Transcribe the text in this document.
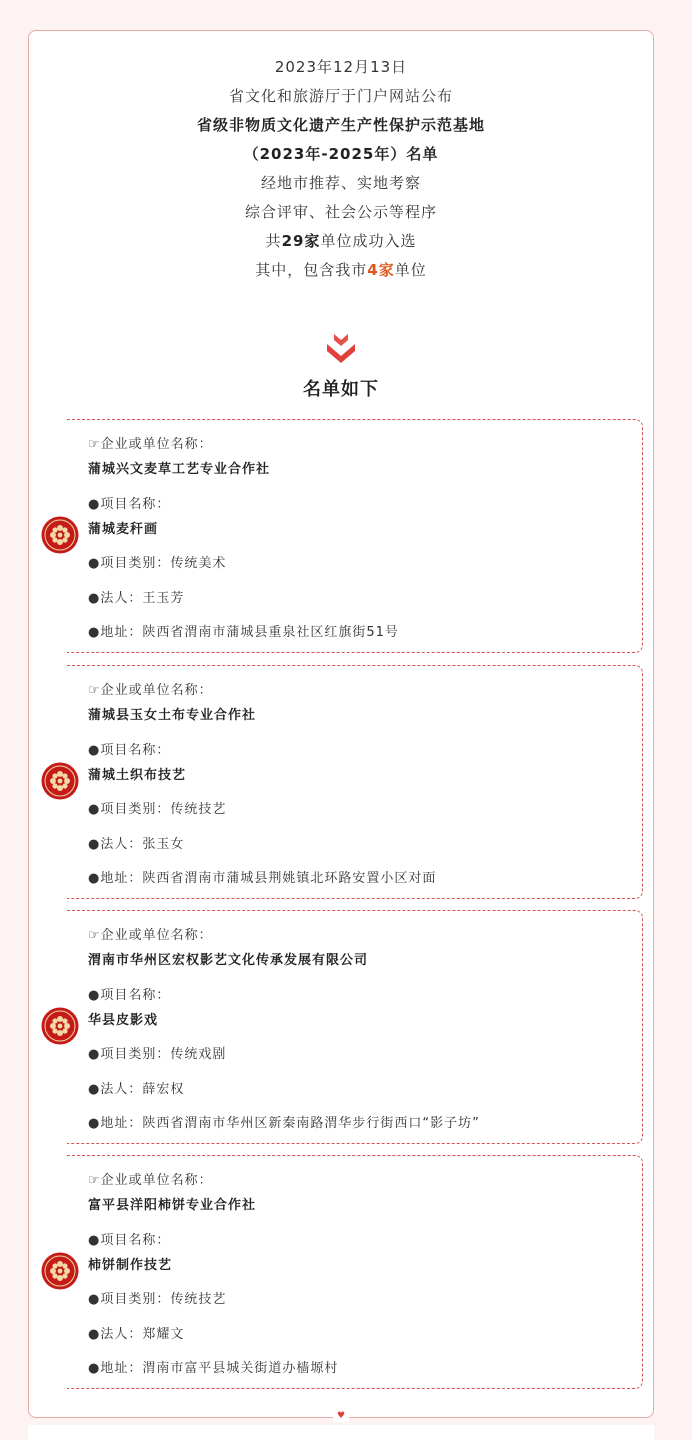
2023年12月13日
省文化和旅游厅于门户网站公布
省级非物质文化遗产生产性保护示范基地
（2023年-2025年）名单
经地市推荐、实地考察
综合评审、社会公示等程序
共29家单位成功入选
其中，包含我市4家单位
名单如下
☞企业或单位名称：
蒲城兴文麦草工艺专业合作社
●项目名称：
蒲城麦秆画
●项目类别：传统美术
●法人：王玉芳
●地址：陕西省渭南市蒲城县重泉社区红旗街51号
☞企业或单位名称：
蒲城县玉女土布专业合作社
●项目名称：
蒲城土织布技艺
●项目类别：传统技艺
●法人：张玉女
●地址：陕西省渭南市蒲城县荆姚镇北环路安置小区对面
☞企业或单位名称：
渭南市华州区宏权影艺文化传承发展有限公司
●项目名称：
华县皮影戏
●项目类别：传统戏剧
●法人：薛宏权
●地址：陕西省渭南市华州区新秦南路渭华步行街西口“影子坊”
☞企业或单位名称：
富平县洋阳柿饼专业合作社
●项目名称：
柿饼制作技艺
●项目类别：传统技艺
●法人：郑耀文
●地址：渭南市富平县城关街道办樯塬村
♥
